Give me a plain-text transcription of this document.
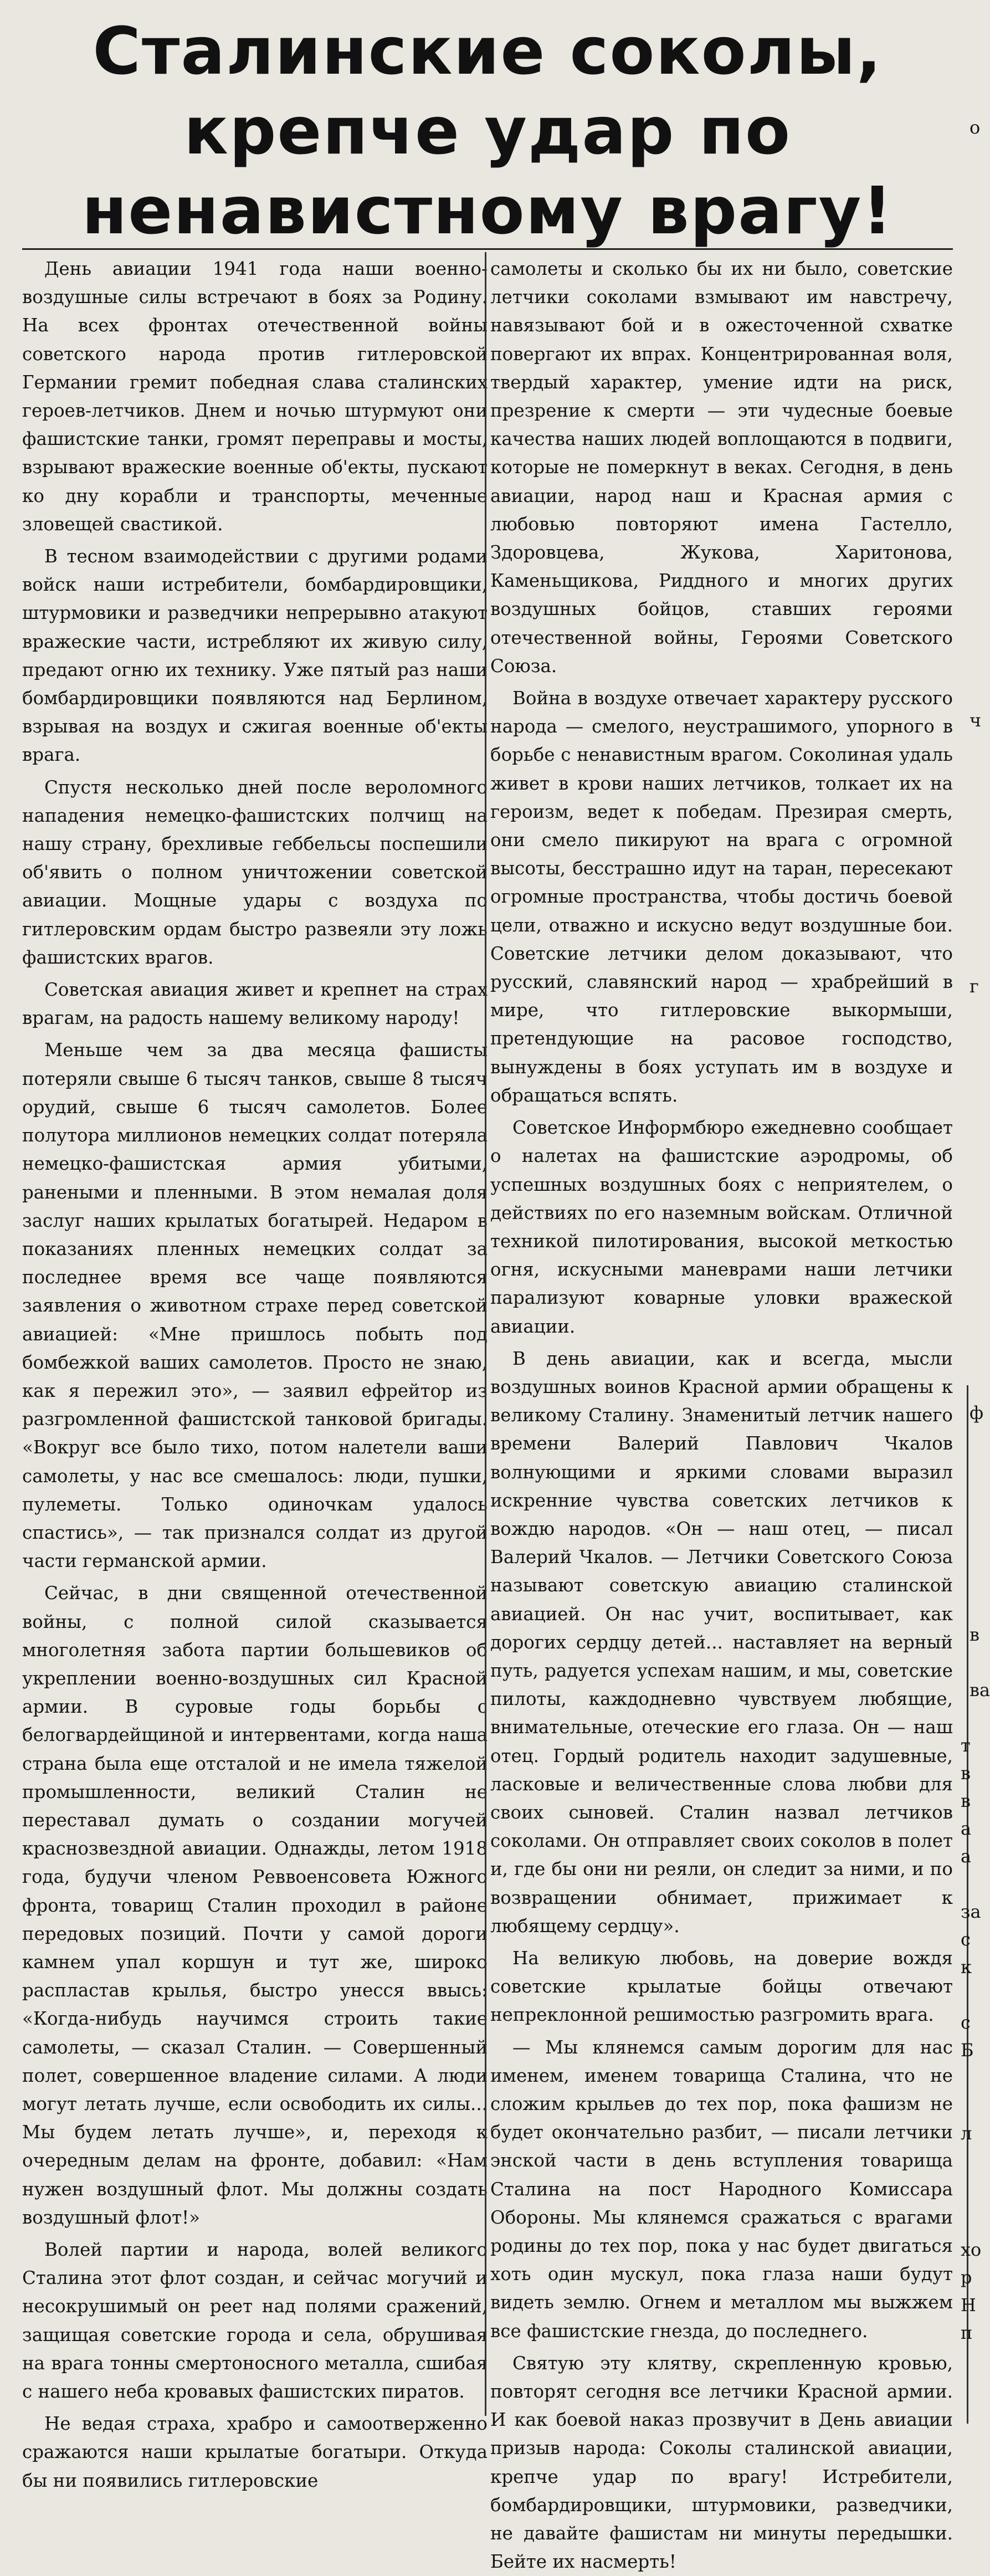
Сталинские соколы,
крепче удар по
ненавистному врагу!

День авиации 1941 года наши военно-воздушные силы встречают в боях за Родину. На всех фронтах отечественной войны советского народа против гитлеровской Германии гремит победная слава сталинских героев-летчиков. Днем и ночью штурмуют они фашистские танки, громят переправы и мосты, взрывают вражеские военные об'екты, пускают ко дну корабли и транспорты, меченные зловещей свастикой.

В тесном взаимодействии с другими родами войск наши истребители, бомбардировщики, штурмовики и разведчики непрерывно атакуют вражеские части, истребляют их живую силу, предают огню их технику. Уже пятый раз наши бомбардировщики появляются над Берлином, взрывая на воздух и сжигая военные об'екты врага.

Спустя несколько дней после вероломного нападения немецко-фашистских полчищ на нашу страну, брехливые геббельсы поспешили об'явить о полном уничтожении советской авиации. Мощные удары с воздуха по гитлеровским ордам быстро развеяли эту ложь фашистских врагов.

Советская авиация живет и крепнет на страх врагам, на радость нашему великому народу!

Меньше чем за два месяца фашисты потеряли свыше 6 тысяч танков, свыше 8 тысяч орудий, свыше 6 тысяч самолетов. Более полутора миллионов немецких солдат потеряла немецко-фашистская армия убитыми, ранеными и пленными. В этом немалая доля заслуг наших крылатых богатырей. Недаром в показаниях пленных немецких солдат за последнее время все чаще появляются заявления о животном страхе перед советской авиацией: «Мне пришлось побыть под бомбежкой ваших самолетов. Просто не знаю, как я пережил это», — заявил ефрейтор из разгромленной фашистской танковой бригады. «Вокруг все было тихо, потом налетели ваши самолеты, у нас все смешалось: люди, пушки, пулеметы. Только одиночкам удалось спастись», — так признался солдат из другой части германской армии.

Сейчас, в дни священной отечественной войны, с полной силой сказывается многолетняя забота партии большевиков об укреплении военно-воздушных сил Красной армии. В суровые годы борьбы с белогвардейщиной и интервентами, когда наша страна была еще отсталой и не имела тяжелой промышленности, великий Сталин не переставал думать о создании могучей краснозвездной авиации. Однажды, летом 1918 года, будучи членом Реввоенсовета Южного фронта, товарищ Сталин проходил в районе передовых позиций. Почти у самой дороги камнем упал коршун и тут же, широко распластав крылья, быстро унесся ввысь: «Когда-нибудь научимся строить такие самолеты, — сказал Сталин. — Совершенный полет, совершенное владение силами. А люди могут летать лучше, если освободить их силы... Мы будем летать лучше», и, переходя к очередным делам на фронте, добавил: «Нам нужен воздушный флот. Мы должны создать воздушный флот!»

Волей партии и народа, волей великого Сталина этот флот создан, и сейчас могучий и несокрушимый он реет над полями сражений, защищая советские города и села, обрушивая на врага тонны смертоносного металла, сшибая с нашего неба кровавых фашистских пиратов.

Не ведая страха, храбро и самоотверженно сражаются наши крылатые богатыри. Откуда бы ни появились гитлеровские

самолеты и сколько бы их ни было, советские летчики соколами взмывают им навстречу, навязывают бой и в ожесточенной схватке повергают их впрах. Концентрированная воля, твердый характер, умение идти на риск, презрение к смерти — эти чудесные боевые качества наших людей воплощаются в подвиги, которые не померкнут в веках. Сегодня, в день авиации, народ наш и Красная армия с любовью повторяют имена Гастелло, Здоровцева, Жукова, Харитонова, Каменьщикова, Риддного и многих других воздушных бойцов, ставших героями отечественной войны, Героями Советского Союза.

Война в воздухе отвечает характеру русского народа — смелого, неустрашимого, упорного в борьбе с ненавистным врагом. Соколиная удаль живет в крови наших летчиков, толкает их на героизм, ведет к победам. Презирая смерть, они смело пикируют на врага с огромной высоты, бесстрашно идут на таран, пересекают огромные пространства, чтобы достичь боевой цели, отважно и искусно ведут воздушные бои. Советские летчики делом доказывают, что русский, славянский народ — храбрейший в мире, что гитлеровские выкормыши, претендующие на расовое господство, вынуждены в боях уступать им в воздухе и обращаться вспять.

Советское Информбюро ежедневно сообщает о налетах на фашистские аэродромы, об успешных воздушных боях с неприятелем, о действиях по его наземным войскам. Отличной техникой пилотирования, высокой меткостью огня, искусными маневрами наши летчики парализуют коварные уловки вражеской авиации.

В день авиации, как и всегда, мысли воздушных воинов Красной армии обращены к великому Сталину. Знаменитый летчик нашего времени Валерий Павлович Чкалов волнующими и яркими словами выразил искренние чувства советских летчиков к вождю народов. «Он — наш отец, — писал Валерий Чкалов. — Летчики Советского Союза называют советскую авиацию сталинской авиацией. Он нас учит, воспитывает, как дорогих сердцу детей... наставляет на верный путь, радуется успехам нашим, и мы, советские пилоты, каждодневно чувствуем любящие, внимательные, отеческие его глаза. Он — наш отец. Гордый родитель находит задушевные, ласковые и величественные слова любви для своих сыновей. Сталин назвал летчиков соколами. Он отправляет своих соколов в полет и, где бы они ни реяли, он следит за ними, и по возвращении обнимает, прижимает к любящему сердцу».

На великую любовь, на доверие вождя советские крылатые бойцы отвечают непреклонной решимостью разгромить врага.

— Мы клянемся самым дорогим для нас именем, именем товарища Сталина, что не сложим крыльев до тех пор, пока фашизм не будет окончательно разбит, — писали летчики энской части в день вступления товарища Сталина на пост Народного Комиссара Обороны. Мы клянемся сражаться с врагами родины до тех пор, пока у нас будет двигаться хоть один мускул, пока глаза наши будут видеть землю. Огнем и металлом мы выжжем все фашистские гнезда, до последнего.

Святую эту клятву, скрепленную кровью, повторят сегодня все летчики Красной армии. И как боевой наказ прозвучит в День авиации призыв народа: Соколы сталинской авиации, крепче удар по врагу! Истребители, бомбардировщики, штурмовики, разведчики, не давайте фашистам ни минуты передышки. Бейте их насмерть!

о
ч
г
ф
в
ва
т
в
в
а
а
за
с
к
с
Б
л
хо
р
Н
п
